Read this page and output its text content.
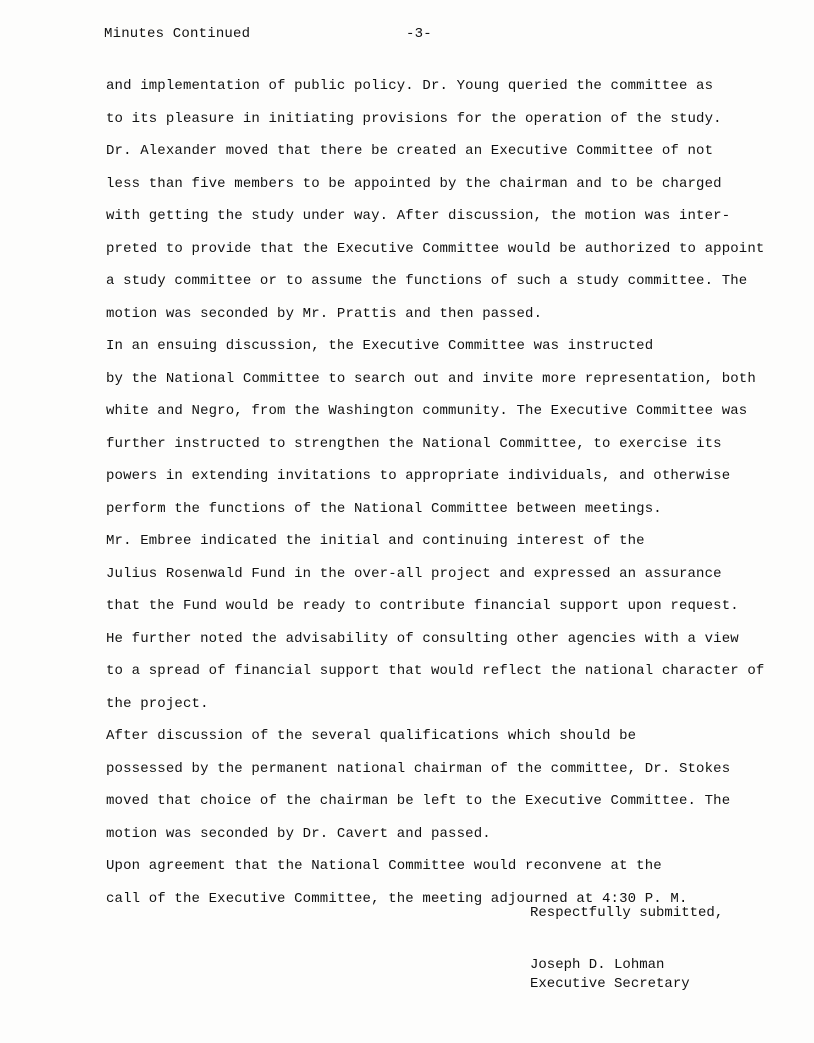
Minutes Continued	-3-

and implementation of public policy. Dr. Young queried the committee as
to its pleasure in initiating provisions for the operation of the study.
Dr. Alexander moved that there be created an Executive Committee of not
less than five members to be appointed by the chairman and to be charged
with getting the study under way. After discussion, the motion was inter-
preted to provide that the Executive Committee would be authorized to appoint
a study committee or to assume the functions of such a study committee. The
motion was seconded by Mr. Prattis and then passed.

In an ensuing discussion, the Executive Committee was instructed
by the National Committee to search out and invite more representation, both
white and Negro, from the Washington community. The Executive Committee was
further instructed to strengthen the National Committee, to exercise its
powers in extending invitations to appropriate individuals, and otherwise
perform the functions of the National Committee between meetings.

Mr. Embree indicated the initial and continuing interest of the
Julius Rosenwald Fund in the over-all project and expressed an assurance
that the Fund would be ready to contribute financial support upon request.
He further noted the advisability of consulting other agencies with a view
to a spread of financial support that would reflect the national character of
the project.

After discussion of the several qualifications which should be
possessed by the permanent national chairman of the committee, Dr. Stokes
moved that choice of the chairman be left to the Executive Committee. The
motion was seconded by Dr. Cavert and passed.

Upon agreement that the National Committee would reconvene at the
call of the Executive Committee, the meeting adjourned at 4:30 P. M.

Respectfully submitted,
Joseph D. Lohman
Executive Secretary
